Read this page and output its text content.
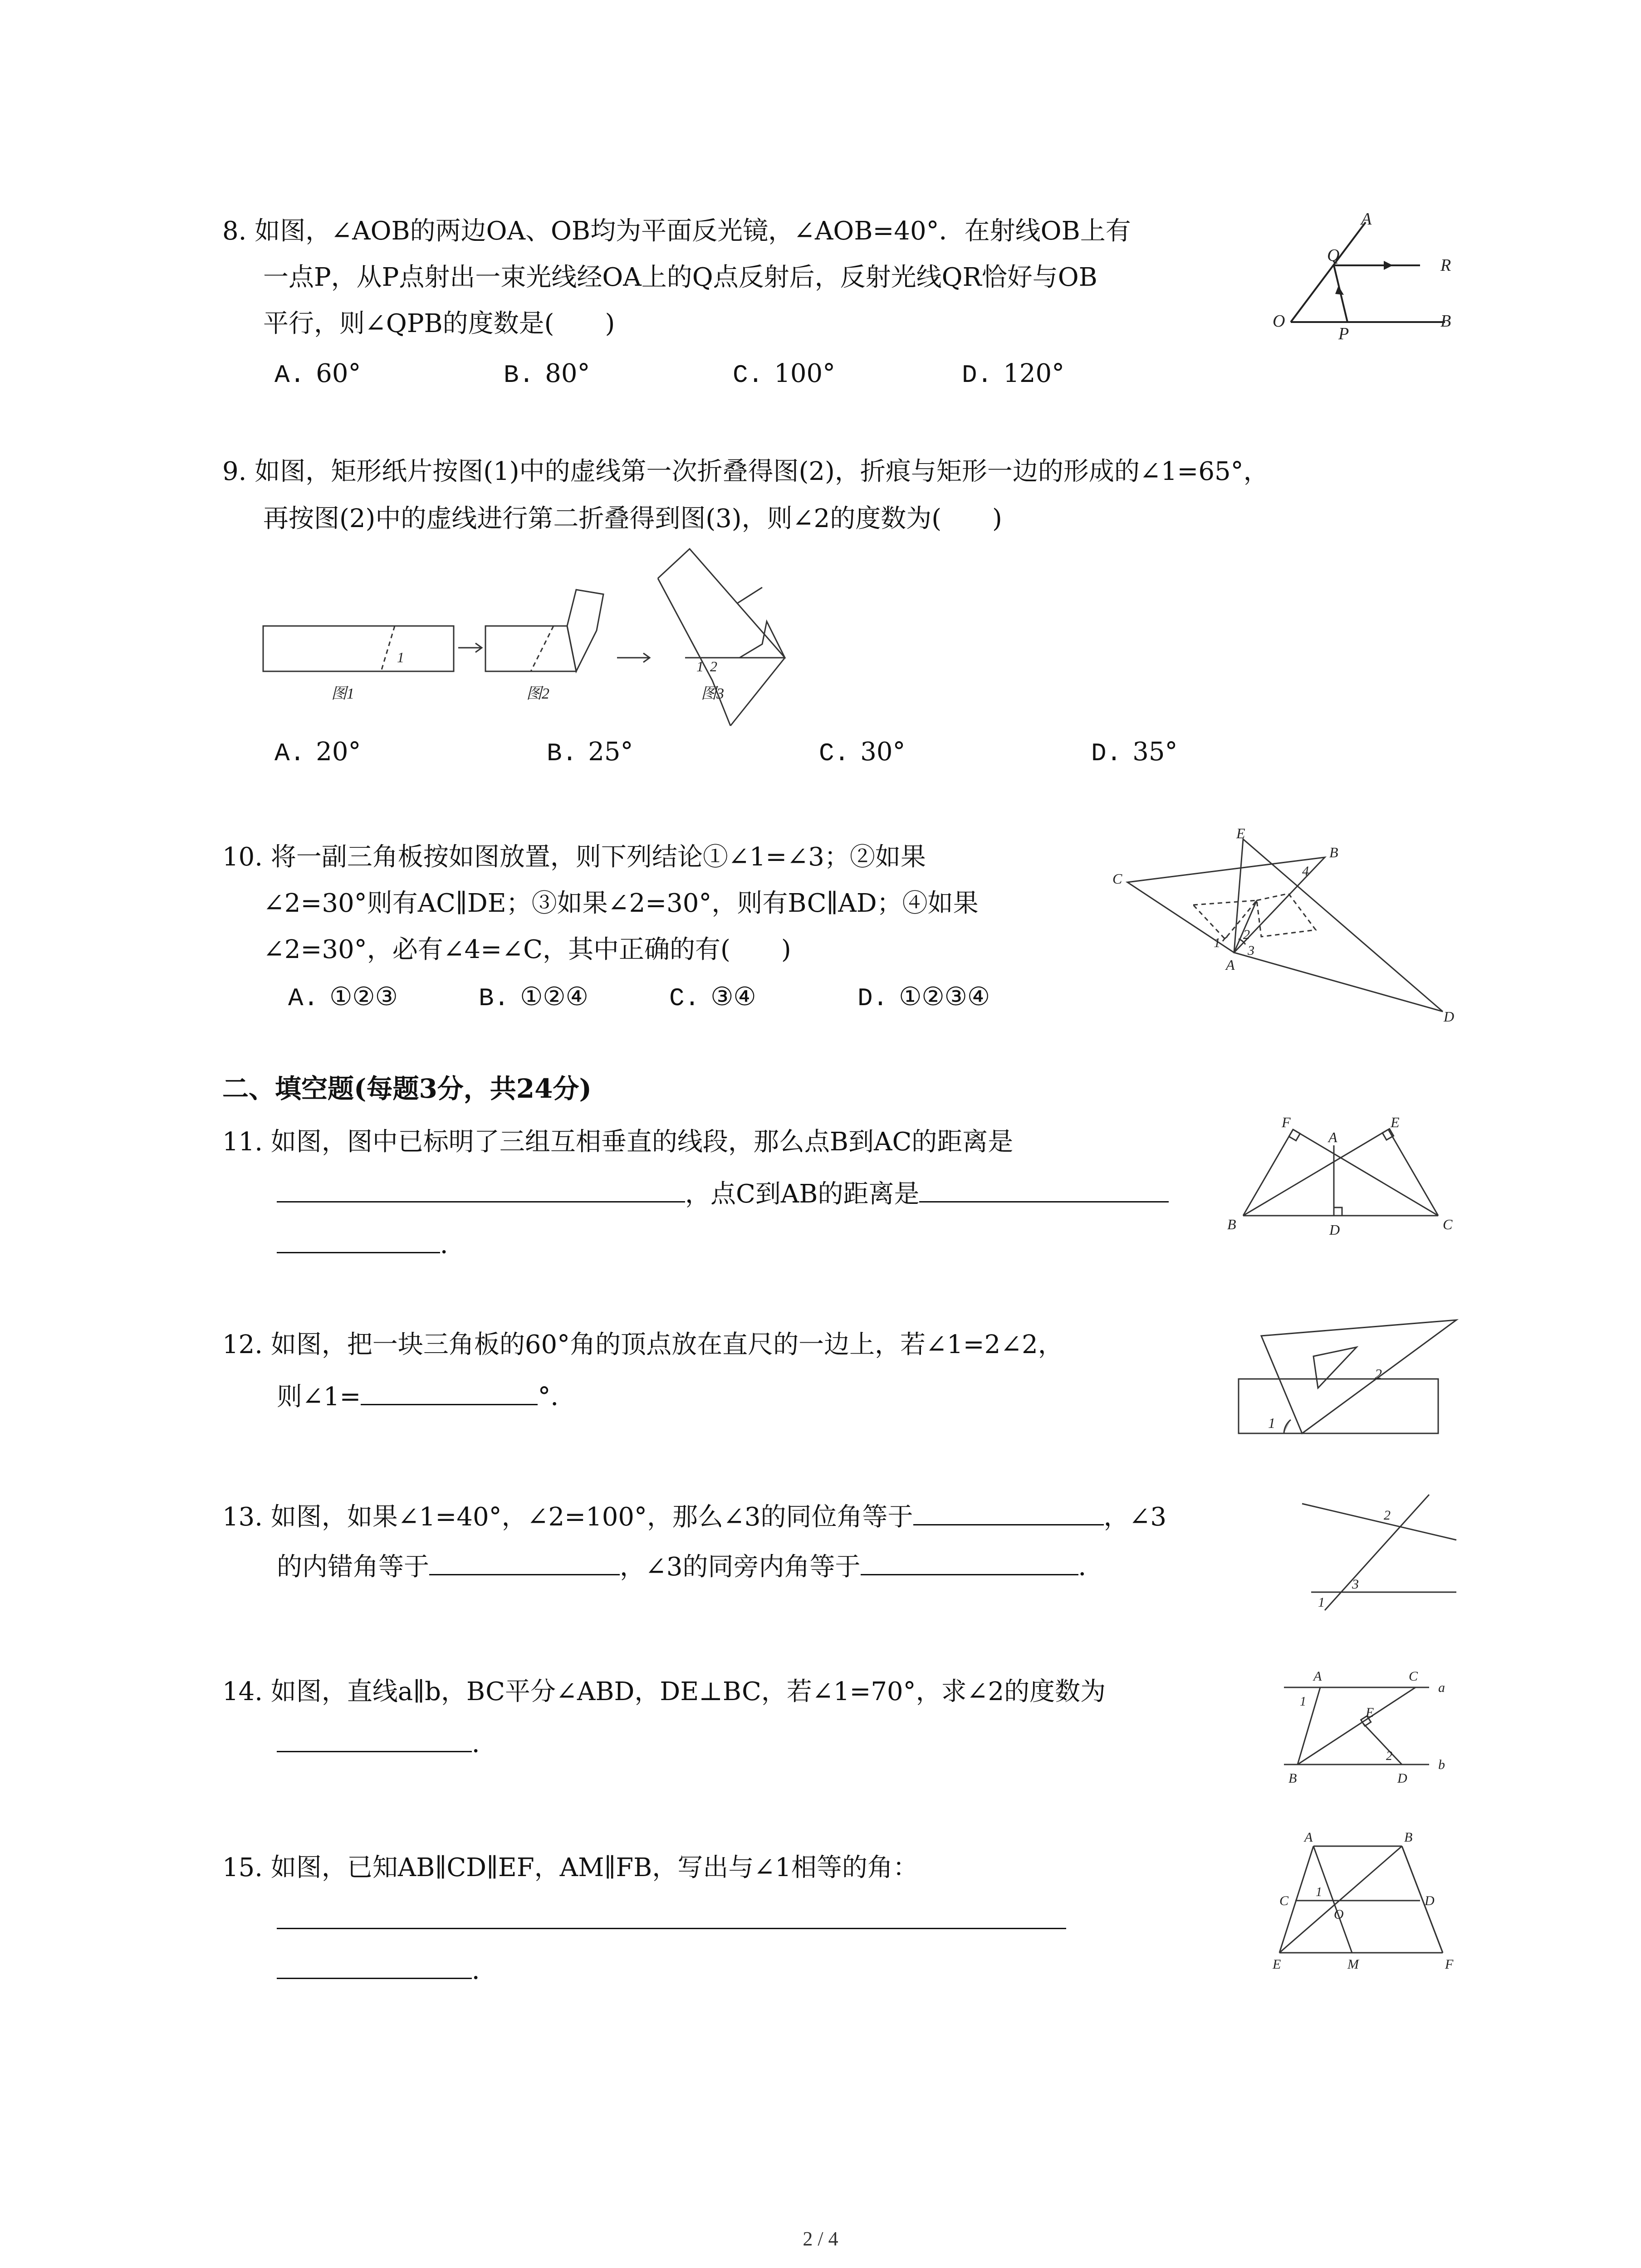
8. 如图，∠AOB的两边OA、OB均为平面反光镜，∠AOB=40°．在射线OB上有
一点P，从P点射出一束光线经OA上的Q点反射后，反射光线QR恰好与OB
平行，则∠QPB的度数是(　　)
A. 60°	B. 80°	C. 100°	D. 120°
A
Q
R
O
P
B
9. 如图，矩形纸片按图(1)中的虚线第一次折叠得图(2)，折痕与矩形一边的形成的∠1=65°，
再按图(2)中的虚线进行第二折叠得到图(3)，则∠2的度数为(　　)
1
1 2
图1	图2	图3
A. 20°	B. 25°	C. 30°	D. 35°
10. 将一副三角板按如图放置，则下列结论①∠1=∠3；②如果
∠2=30°则有AC∥DE；③如果∠2=30°，则有BC∥AD；④如果
∠2=30°，必有∠4=∠C，其中正确的有(　　)
A. ①②③	B. ①②④	C. ③④	D. ①②③④
E
B
C
A
D
1
2
3
4
二、填空题(每题3分，共24分)
11. 如图，图中已标明了三组互相垂直的线段，那么点B到AC的距离是
，点C到AB的距离是
．
F	E
A
B	D	C
12. 如图，把一块三角板的60°角的顶点放在直尺的一边上，若∠1=2∠2，
则∠1=	°．
1
2
13. 如图，如果∠1=40°，∠2=100°，那么∠3的同位角等于	，∠3
的内错角等于	，∠3的同旁内角等于	．
2
1
3
14. 如图，直线a∥b，BC平分∠ABD，DE⊥BC，若∠1=70°，求∠2的度数为
．
A	C
a
E
1
2
B	D
b
15. 如图，已知AB∥CD∥EF，AM∥FB，写出与∠1相等的角：
．
A	B
C	D
1
O
E	M	F
2 / 4
